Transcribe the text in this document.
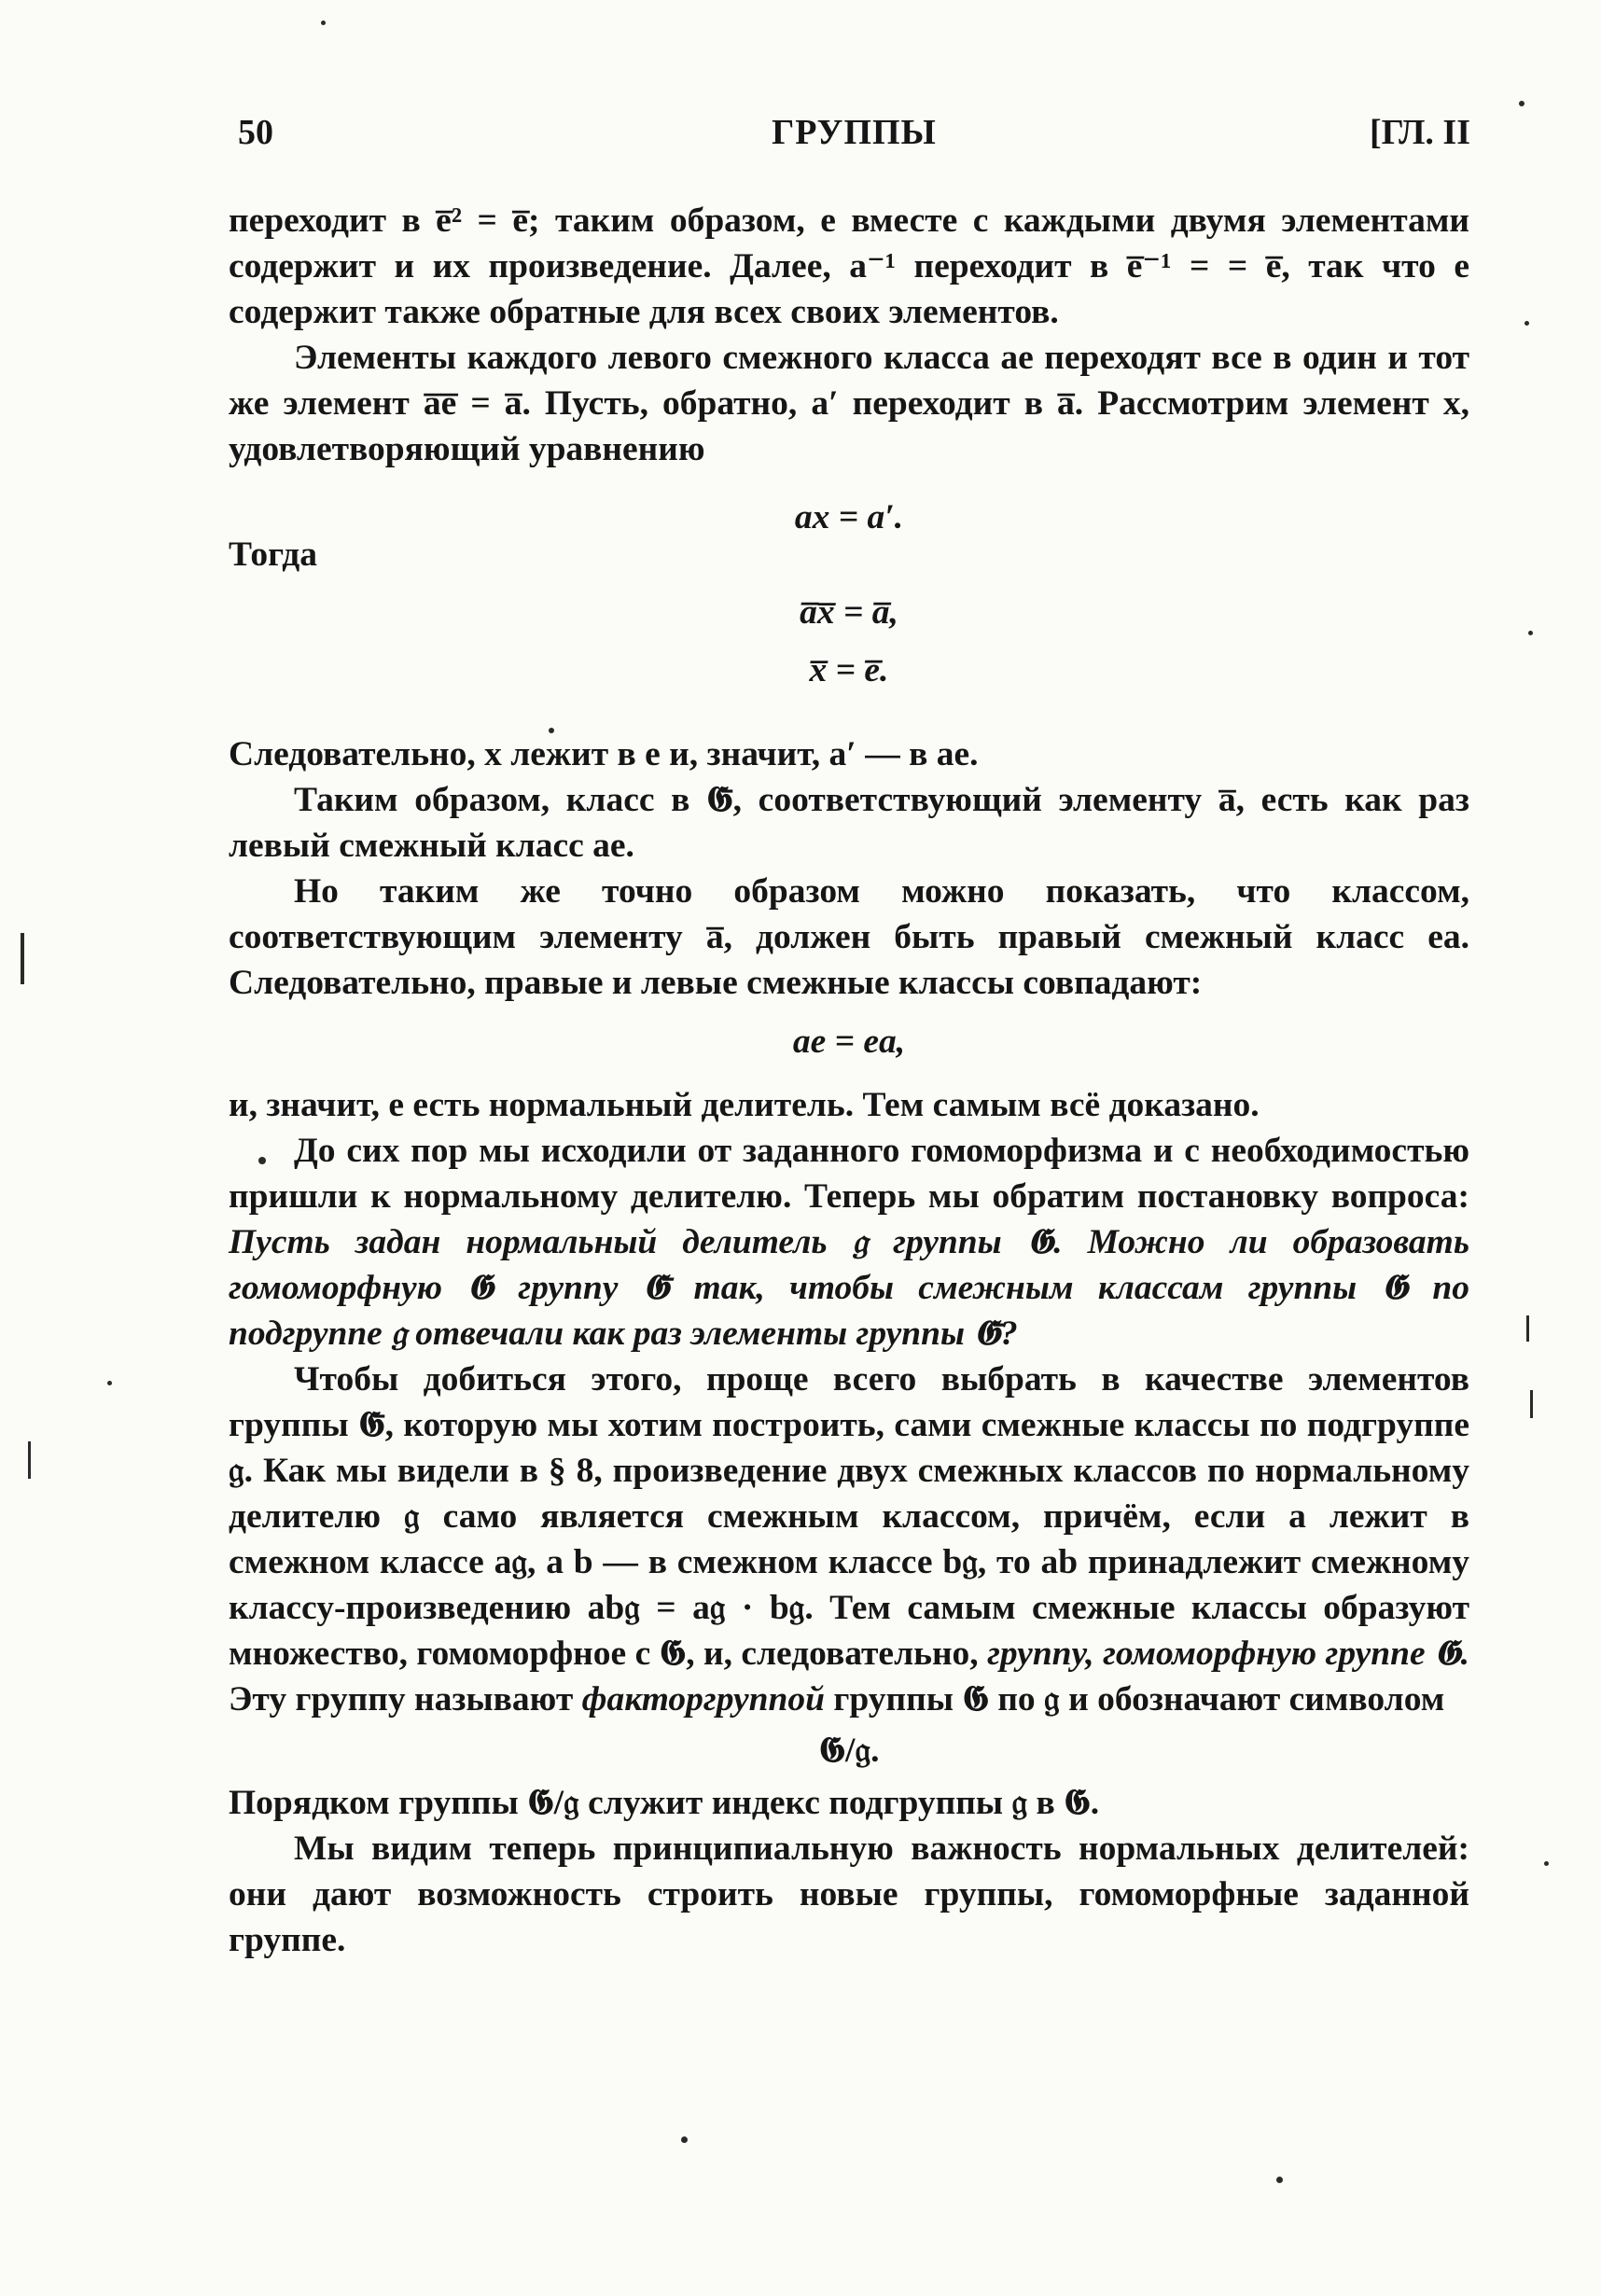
50	ГРУППЫ	[ГЛ. II

переходит в e̅² = e̅; таким образом, e вместе с каждыми двумя элементами содержит и их произведение. Далее, a⁻¹ переходит в e̅⁻¹ = = e̅, так что e содержит также обратные для всех своих элементов.

Элементы каждого левого смежного класса ae переходят все в один и тот же элемент a̅e̅ = a̅. Пусть, обратно, a′ переходит в a̅. Рассмотрим элемент x, удовлетворяющий уравнению

ax = a′.
Тогда
a̅x̅ = a̅,
x̅ = e̅.

Следовательно, x лежит в e и, значит, a′ — в ae.

Таким образом, класс в 𝕲̄, соответствующий элементу a̅, есть как раз левый смежный класс ae.

Но таким же точно образом можно показать, что классом, соответствующим элементу a̅, должен быть правый смежный класс ea. Следовательно, правые и левые смежные классы совпадают:

ae = ea,

и, значит, e есть нормальный делитель. Тем самым всё доказано.

До сих пор мы исходили от заданного гомоморфизма и с необходимостью пришли к нормальному делителю. Теперь мы обратим постановку вопроса: Пусть задан нормальный делитель 𝔤 группы 𝕲. Можно ли образовать гомоморфную 𝕲 группу 𝕲̄ так, чтобы смежным классам группы 𝕲 по подгруппе 𝔤 отвечали как раз элементы группы 𝕲̄?

Чтобы добиться этого, проще всего выбрать в качестве элементов группы 𝕲̄, которую мы хотим построить, сами смежные классы по подгруппе 𝔤. Как мы видели в § 8, произведение двух смежных классов по нормальному делителю 𝔤 само является смежным классом, причём, если a лежит в смежном классе a𝔤, а b — в смежном классе b𝔤, то ab принадлежит смежному классу-произведению ab𝔤 = a𝔤 · b𝔤. Тем самым смежные классы образуют множество, гомоморфное с 𝕲, и, следовательно, группу, гомоморфную группе 𝕲. Эту группу называют факторгруппой группы 𝕲 по 𝔤 и обозначают символом

𝕲/𝔤.

Порядком группы 𝕲/𝔤 служит индекс подгруппы 𝔤 в 𝕲.

Мы видим теперь принципиальную важность нормальных делителей: они дают возможность строить новые группы, гомоморфные заданной группе.
